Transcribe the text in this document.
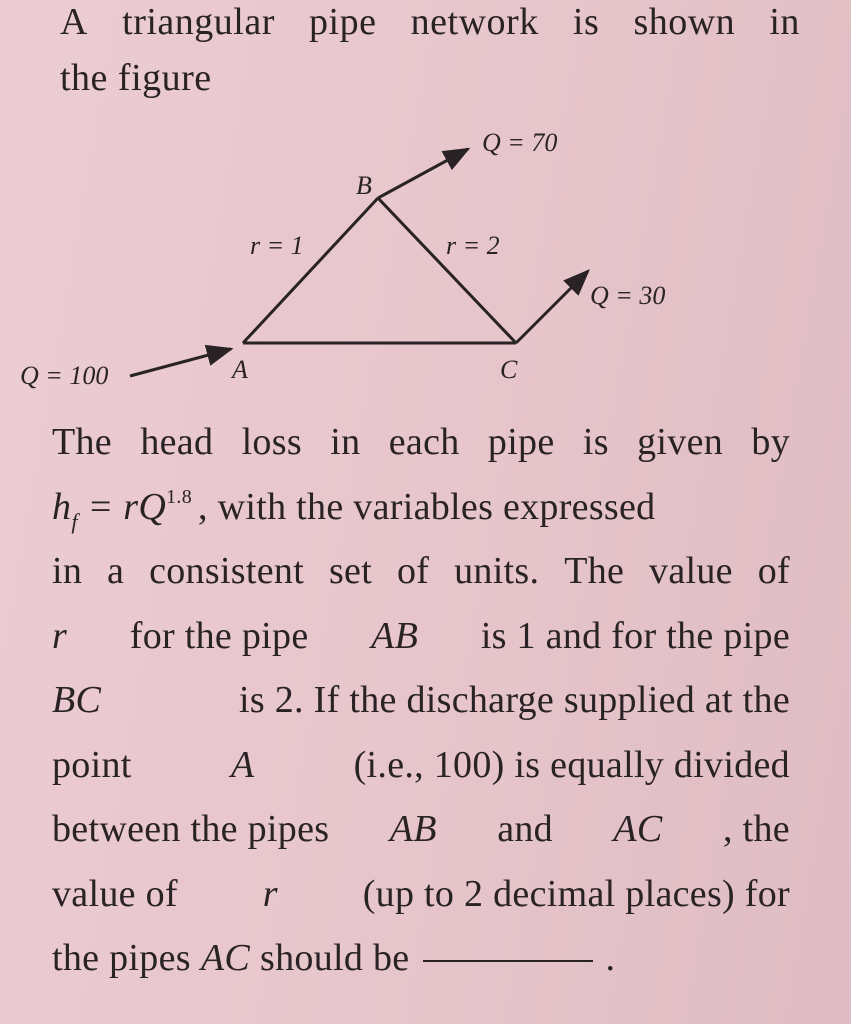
A triangular pipe network is shown in
the figure
B
A	C
Q = 70
Q = 30
Q = 100
r = 1	r = 2
The head loss in each pipe is given by
$h_f = rQ^{1.8}$ , with the variables expressed
in a consistent set of units. The value of
r for the pipe AB is 1 and for the pipe
BC	is 2. If the discharge supplied at the
point	A	(i.e., 100) is equally divided
between the pipes AB and AC , the
value of r (up to 2 decimal places) for
the pipes AC should be	.
